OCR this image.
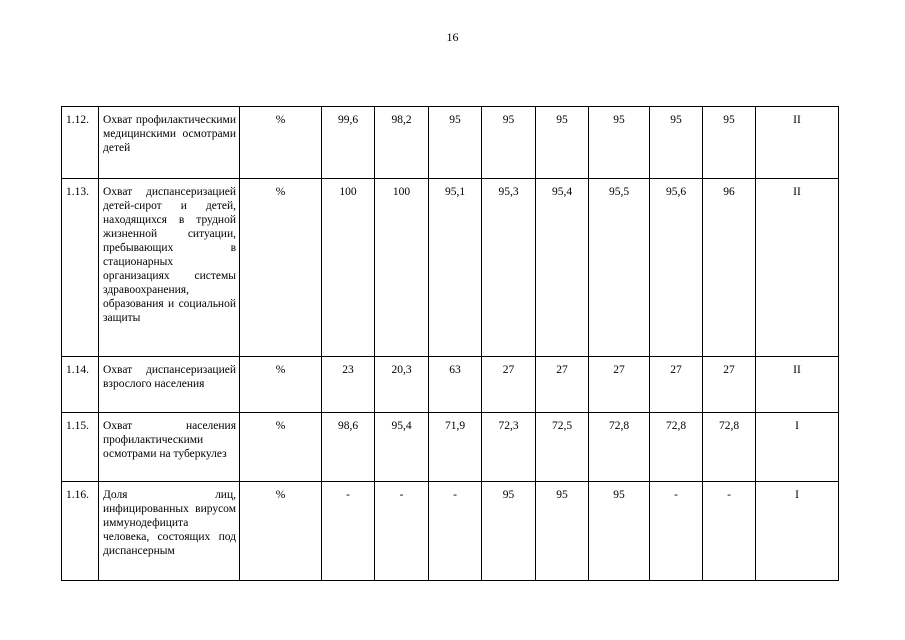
16
1.12.	Охват профилактическими медицинскими осмотрами детей	%	99,6	98,2	95	95	95	95	95	95	II
1.13.	Охват диспансеризацией детей-сирот и детей, находящихся в трудной жизненной ситуации, пребывающих в стационарных организациях системы здравоохранения, образования и социальной защиты	%	100	100	95,1	95,3	95,4	95,5	95,6	96	II
1.14.	Охват диспансеризацией взрослого населения	%	23	20,3	63	27	27	27	27	27	II
1.15.	Охват населения профилактическими осмотрами на туберкулез	%	98,6	95,4	71,9	72,3	72,5	72,8	72,8	72,8	I
1.16.	Доля лиц, инфицированных вирусом иммунодефицита человека, состоящих под диспансерным	%	-	-	-	95	95	95	-	-	I
